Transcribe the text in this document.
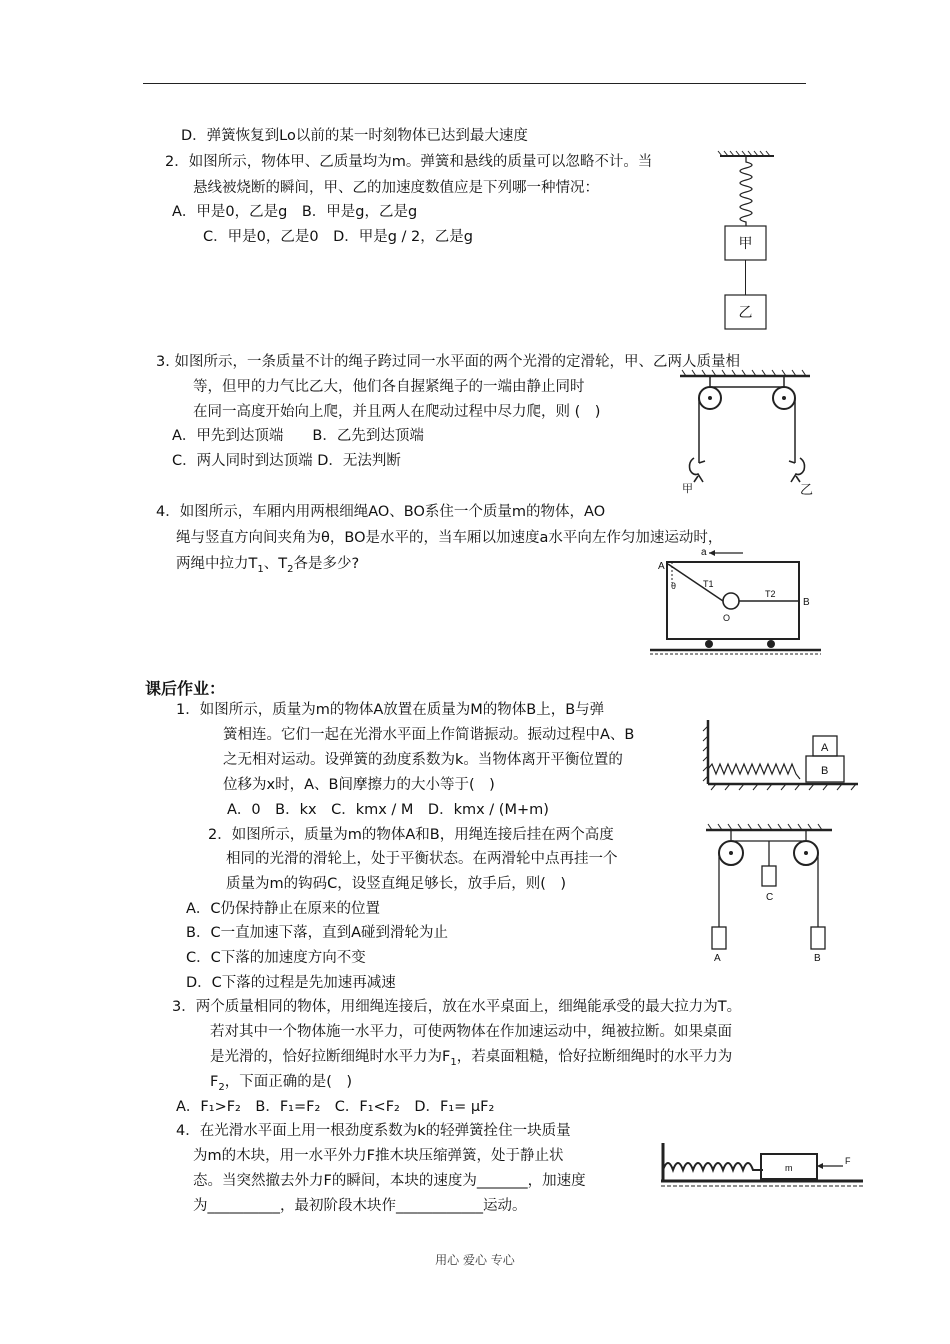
D．弹簧恢复到Lo以前的某一时刻物体已达到最大速度
2．如图所示，物体甲、乙质量均为m。弹簧和悬线的质量可以忽略不计。当
悬线被烧断的瞬间，甲、乙的加速度数值应是下列哪一种情况：
A．甲是0，乙是g　B．甲是g，乙是g
C．甲是0，乙是0　D．甲是g / 2，乙是g	甲
乙
3. 如图所示，一条质量不计的绳子跨过同一水平面的两个光滑的定滑轮，甲、乙两人质量相
等，但甲的力气比乙大，他们各自握紧绳子的一端由静止同时
在同一高度开始向上爬，并且两人在爬动过程中尽力爬，则 (　)
A．甲先到达顶端　　B．乙先到达顶端
C．两人同时到达顶端 D．无法判断
甲	乙
4．如图所示，车厢内用两根细绳AO、BO系住一个质量m的物体，AO
绳与竖直方向间夹角为θ，BO是水平的，当车厢以加速度a水平向左作匀加速运动时，
两绳中拉力$T_1$、$T_2$各是多少?
a
A
B
θ	T1
O
T2
课后作业：
1．如图所示，质量为m的物体A放置在质量为M的物体B上，B与弹
簧相连。它们一起在光滑水平面上作简谐振动。振动过程中A、B
之无相对运动。设弹簧的劲度系数为k。当物体离开平衡位置的
位移为x时，A、B间摩擦力的大小等于(　)
A．0　B．kx　C．kmx / M　D．kmx / (M+m)
B
A
2．如图所示，质量为m的物体A和B，用绳连接后挂在两个高度
相同的光滑的滑轮上，处于平衡状态。在两滑轮中点再挂一个
质量为m的钩码C，设竖直绳足够长，放手后，则(　)
A．C仍保持静止在原来的位置
B．C一直加速下落，直到A碰到滑轮为止
C．C下落的加速度方向不变
D．C下落的过程是先加速再减速
C
A	B
3．两个质量相同的物体，用细绳连接后，放在水平桌面上，细绳能承受的最大拉力为T。
若对其中一个物体施一水平力，可使两物体在作加速运动中，绳被拉断。如果桌面
是光滑的，恰好拉断细绳时水平力为$F_1$，若桌面粗糙，恰好拉断细绳时的水平力为
$F_2$，下面正确的是(　)
A．F₁>F₂　B．F₁=F₂　C．F₁<F₂　D．F₁= μF₂
4．在光滑水平面上用一根劲度系数为k的轻弹簧拴住一块质量
为m的木块，用一水平外力F推木块压缩弹簧，处于静止状
态。当突然撤去外力F的瞬间，本块的速度为_______，加速度
为__________，最初阶段木块作____________运动。
m
F
用心 爱心 专心
